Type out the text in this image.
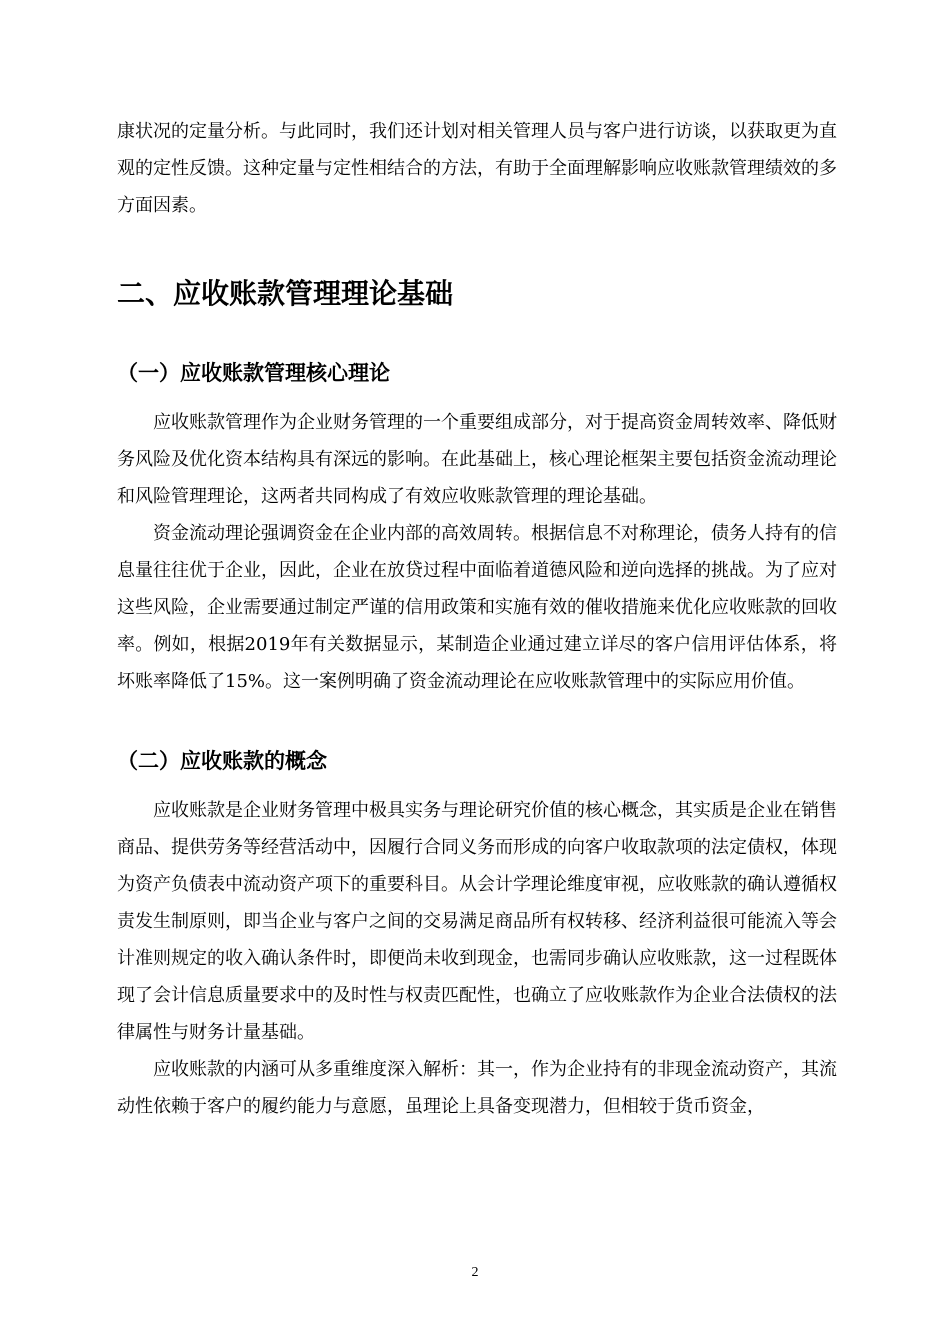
康状况的定量分析。与此同时，我们还计划对相关管理人员与客户进行访谈，以获取更为直观的定性反馈。这种定量与定性相结合的方法，有助于全面理解影响应收账款管理绩效的多方面因素。

二、应收账款管理理论基础
（一）应收账款管理核心理论

应收账款管理作为企业财务管理的一个重要组成部分，对于提高资金周转效率、降低财务风险及优化资本结构具有深远的影响。在此基础上，核心理论框架主要包括资金流动理论和风险管理理论，这两者共同构成了有效应收账款管理的理论基础。

资金流动理论强调资金在企业内部的高效周转。根据信息不对称理论，债务人持有的信息量往往优于企业，因此，企业在放贷过程中面临着道德风险和逆向选择的挑战。为了应对这些风险，企业需要通过制定严谨的信用政策和实施有效的催收措施来优化应收账款的回收率。例如，根据2019年有关数据显示，某制造企业通过建立详尽的客户信用评估体系，将坏账率降低了15%。这一案例明确了资金流动理论在应收账款管理中的实际应用价值。

（二）应收账款的概念

应收账款是企业财务管理中极具实务与理论研究价值的核心概念，其实质是企业在销售商品、提供劳务等经营活动中，因履行合同义务而形成的向客户收取款项的法定债权，体现为资产负债表中流动资产项下的重要科目。从会计学理论维度审视，应收账款的确认遵循权责发生制原则，即当企业与客户之间的交易满足商品所有权转移、经济利益很可能流入等会计准则规定的收入确认条件时，即便尚未收到现金，也需同步确认应收账款，这一过程既体现了会计信息质量要求中的及时性与权责匹配性，也确立了应收账款作为企业合法债权的法律属性与财务计量基础。

应收账款的内涵可从多重维度深入解析：其一，作为企业持有的非现金流动资产，其流动性依赖于客户的履约能力与意愿，虽理论上具备变现潜力，但相较于货币资金，

2
